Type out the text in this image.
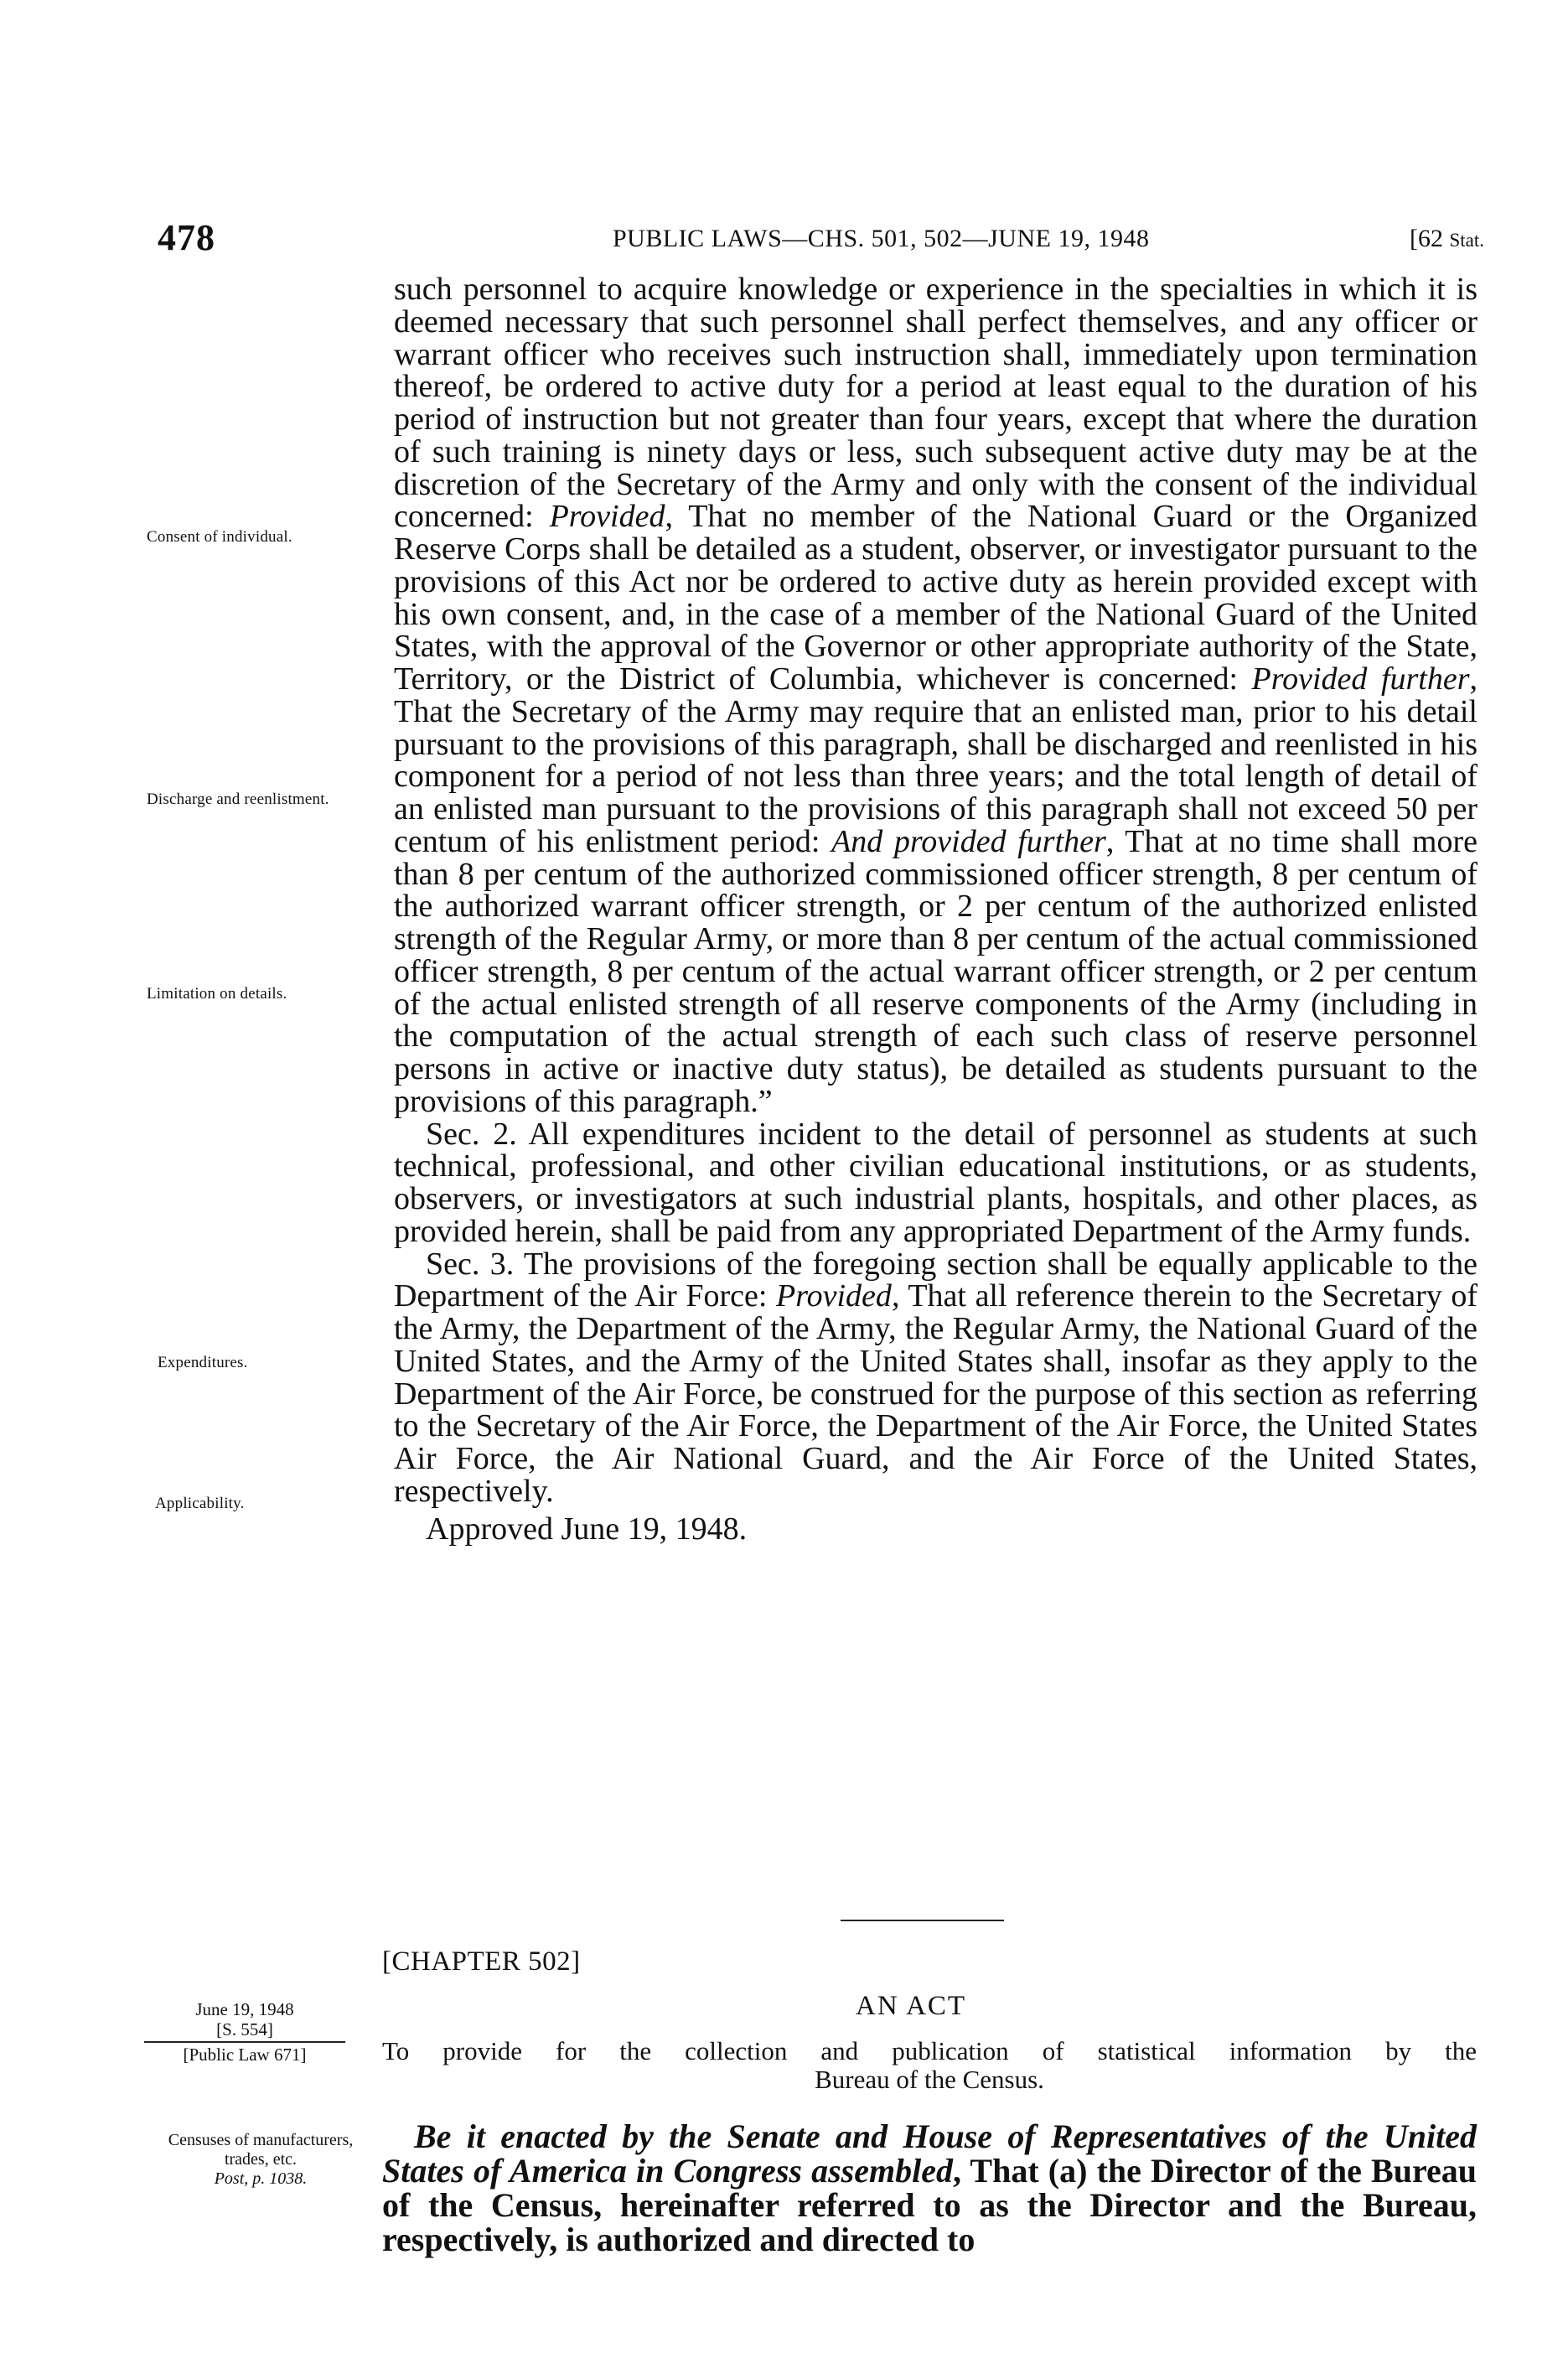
478	PUBLIC LAWS—CHS. 501, 502—JUNE 19, 1948	[62 Stat.
Consent of individual.
Discharge and reenlistment.
Limitation on details.
Expenditures.
Applicability.

such personnel to acquire knowledge or experience in the specialties in which it is deemed necessary that such personnel shall perfect themselves, and any officer or warrant officer who receives such instruction shall, immediately upon termination thereof, be ordered to active duty for a period at least equal to the duration of his period of instruction but not greater than four years, except that where the duration of such training is ninety days or less, such subsequent active duty may be at the discretion of the Secretary of the Army and only with the consent of the individual concerned: Provided, That no member of the National Guard or the Organized Reserve Corps shall be detailed as a student, observer, or investigator pursuant to the provisions of this Act nor be ordered to active duty as herein provided except with his own consent, and, in the case of a member of the National Guard of the United States, with the approval of the Governor or other appropriate authority of the State, Territory, or the District of Columbia, whichever is concerned: Provided further, That the Secretary of the Army may require that an enlisted man, prior to his detail pursuant to the provisions of this paragraph, shall be discharged and reenlisted in his component for a period of not less than three years; and the total length of detail of an enlisted man pursuant to the provisions of this paragraph shall not exceed 50 per centum of his enlistment period: And provided further, That at no time shall more than 8 per centum of the authorized commissioned officer strength, 8 per centum of the authorized warrant officer strength, or 2 per centum of the authorized enlisted strength of the Regular Army, or more than 8 per centum of the actual commissioned officer strength, 8 per centum of the actual warrant officer strength, or 2 per centum of the actual enlisted strength of all reserve components of the Army (including in the computation of the actual strength of each such class of reserve personnel persons in active or inactive duty status), be detailed as students pursuant to the provisions of this paragraph.”

Sec. 2. All expenditures incident to the detail of personnel as students at such technical, professional, and other civilian educational institutions, or as students, observers, or investigators at such industrial plants, hospitals, and other places, as provided herein, shall be paid from any appropriated Department of the Army funds.

Sec. 3. The provisions of the foregoing section shall be equally applicable to the Department of the Air Force: Provided, That all reference therein to the Secretary of the Army, the Department of the Army, the Regular Army, the National Guard of the United States, and the Army of the United States shall, insofar as they apply to the Department of the Air Force, be construed for the purpose of this section as referring to the Secretary of the Air Force, the Department of the Air Force, the United States Air Force, the Air National Guard, and the Air Force of the United States, respectively.

Approved June 19, 1948.

[CHAPTER 502]
AN ACT
June 19, 1948
[S. 554]
[Public Law 671]	To provide for the collection and publication of statistical information by the
Bureau of the Census.
Censuses of manufacturers, trades, etc.
Post, p. 1038.

Be it enacted by the Senate and House of Representatives of the United States of America in Congress assembled, That (a) the Director of the Bureau of the Census, hereinafter referred to as the Director and the Bureau, respectively, is authorized and directed to
